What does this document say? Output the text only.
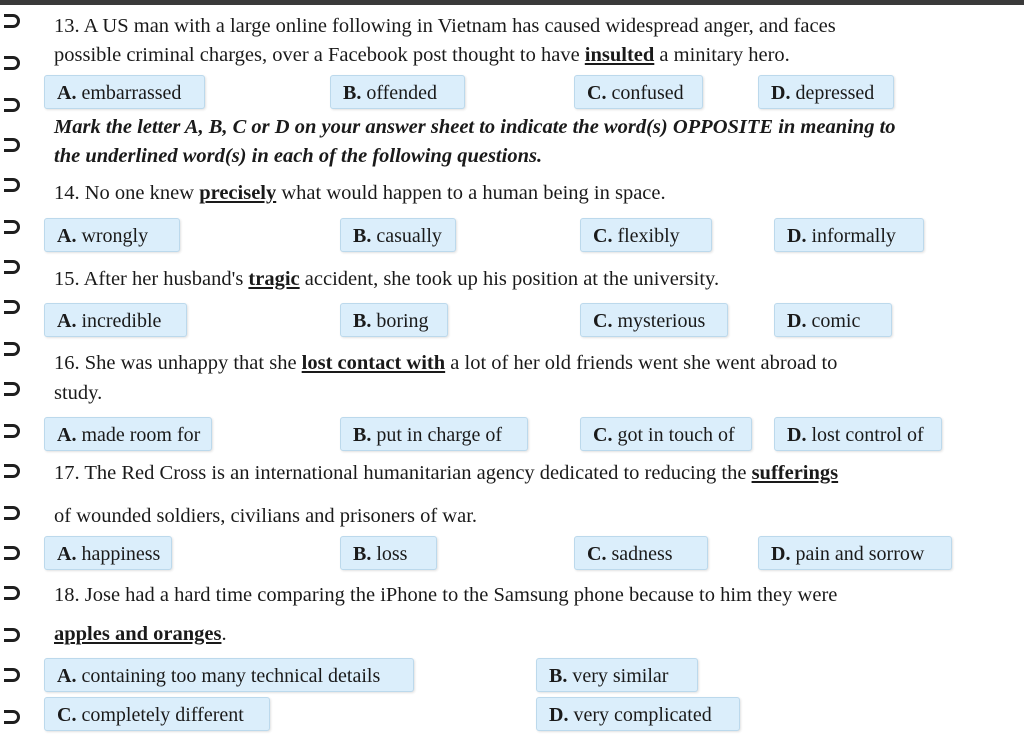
13. A US man with a large online following in Vietnam has caused widespread anger, and faces
possible criminal charges, over a Facebook post thought to have insulted a minitary hero.
A. embarrassed	B. offended	C. confused	D. depressed
Mark the letter A, B, C or D on your answer sheet to indicate the word(s) OPPOSITE in meaning to
the underlined word(s) in each of the following questions.
14. No one knew precisely what would happen to a human being in space.
A. wrongly	B. casually	C. flexibly	D. informally
15. After her husband's tragic accident, she took up his position at the university.
A. incredible	B. boring	C. mysterious	D. comic
16. She was unhappy that she lost contact with a lot of her old friends went she went abroad to
study.
A. made room for	B. put in charge of	C. got in touch of	D. lost control of
17. The Red Cross is an international humanitarian agency dedicated to reducing the sufferings
of wounded soldiers, civilians and prisoners of war.
A. happiness	B. loss	C. sadness	D. pain and sorrow
18. Jose had a hard time comparing the iPhone to the Samsung phone because to him they were
apples and oranges.
A. containing too many technical details	B. very similar
C. completely different	D. very complicated
